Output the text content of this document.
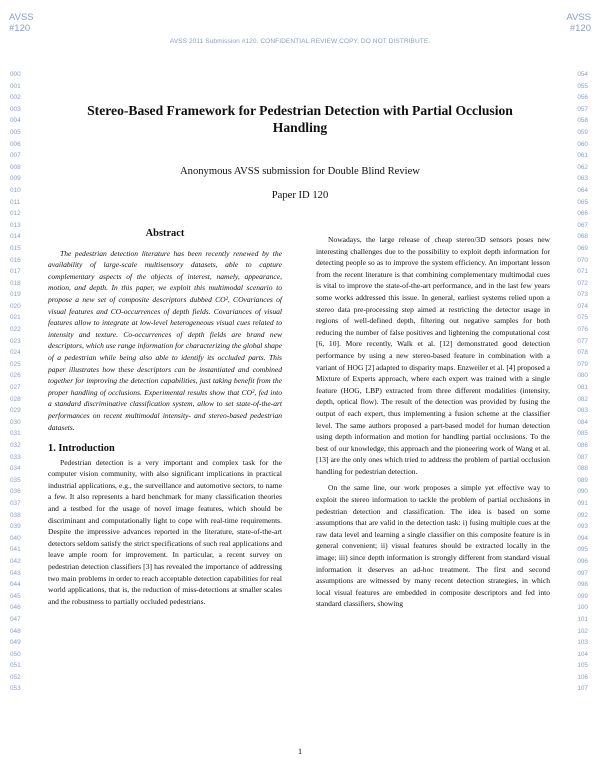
AVSS
#120
AVSS
#120
AVSS 2011 Submission #120. CONFIDENTIAL REVIEW COPY. DO NOT DISTRIBUTE.
000
001
002
003
004
005
006
007
008
009
010
011
012
013
014
015
016
017
018
019
020
021
022
023
024
025
026
027
028
029
030
031
032
033
034
035
036
037
038
039
040
041
042
043
044
045
046
047
048
049
050
051
052
053
054
055
056
057
058
059
060
061
062
063
064
065
066
067
068
069
070
071
072
073
074
075
076
077
078
079
080
081
082
083
084
085
086
087
088
089
090
091
092
093
094
095
096
097
098
099
100
101
102
103
104
105
106
107
Stereo-Based Framework for Pedestrian Detection with Partial Occlusion Handling
Anonymous AVSS submission for Double Blind Review
Paper ID 120
Abstract

The pedestrian detection literature has been recently renewed by the availability of large-scale multisensory datasets, able to capture complementary aspects of the objects of interest, namely, appearance, motion, and depth. In this paper, we exploit this multimodal scenario to propose a new set of composite descriptors dubbed CO², COvariances of visual features and CO-occurrences of depth fields. Covariances of visual features allow to integrate at low-level heterogeneous visual cues related to intensity and texture. Co-occurrences of depth fields are brand new descriptors, which use range information for characterizing the global shape of a pedestrian while being also able to identify its occluded parts. This paper illustrates how these descriptors can be instantiated and combined together for improving the detection capabilities, just taking benefit from the proper handling of occlusions. Experimental results show that CO², fed into a standard discriminative classification system, allow to set state-of-the-art performances on recent multimodal intensity- and stereo-based pedestrian datasets.

1. Introduction

Pedestrian detection is a very important and complex task for the computer vision community, with also significant implications in practical industrial applications, e.g., the surveillance and automotive sectors, to name a few. It also represents a hard benchmark for many classification theories and a testbed for the usage of novel image features, which should be discriminant and computationally light to cope with real-time requirements. Despite the impressive advances reported in the literature, state-of-the-art detectors seldom satisfy the strict specifications of such real applications and leave ample room for improvement. In particular, a recent survey on pedestrian detection classifiers [3] has revealed the importance of addressing two main problems in order to reach acceptable detection capabilities for real world applications, that is, the reduction of miss-detections at smaller scales and the robustness to partially occluded pedestrians.

Nowadays, the large release of cheap stereo/3D sensors poses new interesting challenges due to the possibility to exploit depth information for detecting people so as to improve the system efficiency. An important lesson from the recent literature is that combining complementary multimodal cues is vital to improve the state-of-the-art performance, and in the last few years some works addressed this issue. In general, earliest systems relied upon a stereo data pre-processing step aimed at restricting the detector usage in regions of well-defined depth, filtering out negative samples for both reducing the number of false positives and lightening the computational cost [6, 10]. More recently, Walk et al. [12] demonstrated good detection performance by using a new stereo-based feature in combination with a variant of HOG [2] adapted to disparity maps. Enzweiler et al. [4] proposed a Mixture of Experts approach, where each expert was trained with a single feature (HOG, LBP) extracted from three different modalities (intensity, depth, optical flow). The result of the detection was provided by fusing the output of each expert, thus implementing a fusion scheme at the classifier level. The same authors proposed a part-based model for human detection using depth information and motion for handling partial occlusions. To the best of our knowledge, this approach and the pioneering work of Wang et al. [13] are the only ones which tried to address the problem of partial occlusion handling for pedestrian detection.

On the same line, our work proposes a simple yet effective way to exploit the stereo information to tackle the problem of partial occlusions in pedestrian detection and classification. The idea is based on some assumptions that are valid in the detection task: i) fusing multiple cues at the raw data level and learning a single classifier on this composite feature is in general convenient; ii) visual features should be extracted locally in the image; iii) since depth information is strongly different from standard visual information it deserves an ad-hoc treatment. The first and second assumptions are witnessed by many recent detection strategies, in which local visual features are embedded in composite descriptors and fed into standard classifiers, showing

1
